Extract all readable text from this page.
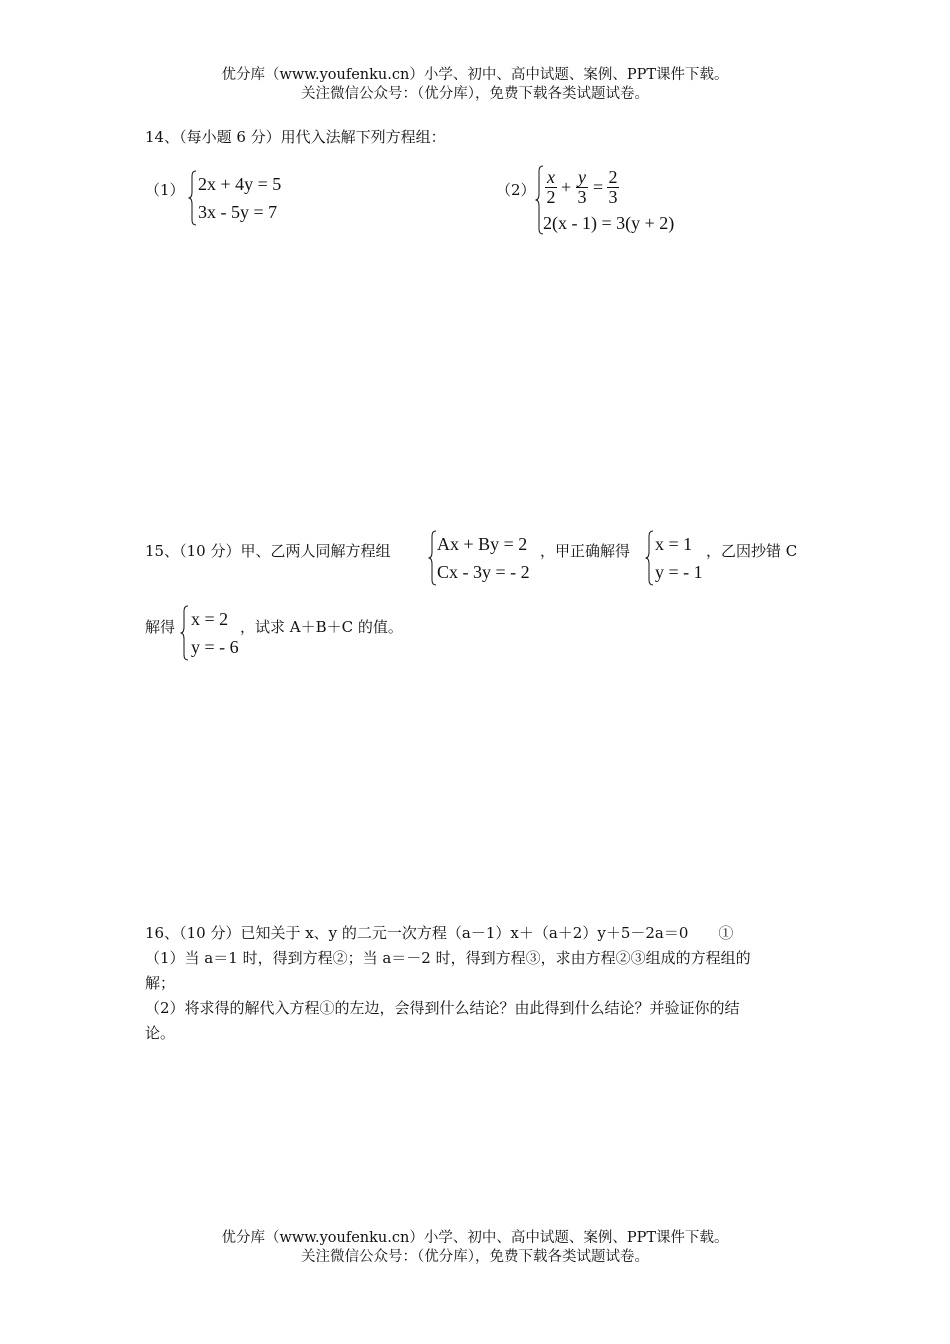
优分库（www.youfenku.cn）小学、初中、高中试题、案例、PPT课件下载。
关注微信公众号：（优分库），免费下载各类试题试卷。
14、（每小题 6 分）用代入法解下列方程组：
（1） 2x + 4y = 5
3x - 5y = 7
（2）
x
2 + y
3 = 2
3
2(x - 1) = 3(y + 2)
15、（10 分）甲、乙两人同解方程组	Ax + By = 2
Cx - 3y = - 2
，甲正确解得 x = 1
y = - 1
，乙因抄错 C
解得 x = 2
y = - 6
，试求 A＋B＋C 的值。
16、（10 分）已知关于 x、y 的二元一次方程（a－1）x＋（a＋2）y＋5－2a＝0　　①
（1）当 a＝1 时，得到方程②；当 a＝－2 时，得到方程③，求由方程②③组成的方程组的
解；
（2）将求得的解代入方程①的左边，会得到什么结论？由此得到什么结论？并验证你的结
论。
优分库（www.youfenku.cn）小学、初中、高中试题、案例、PPT课件下载。
关注微信公众号：（优分库），免费下载各类试题试卷。
